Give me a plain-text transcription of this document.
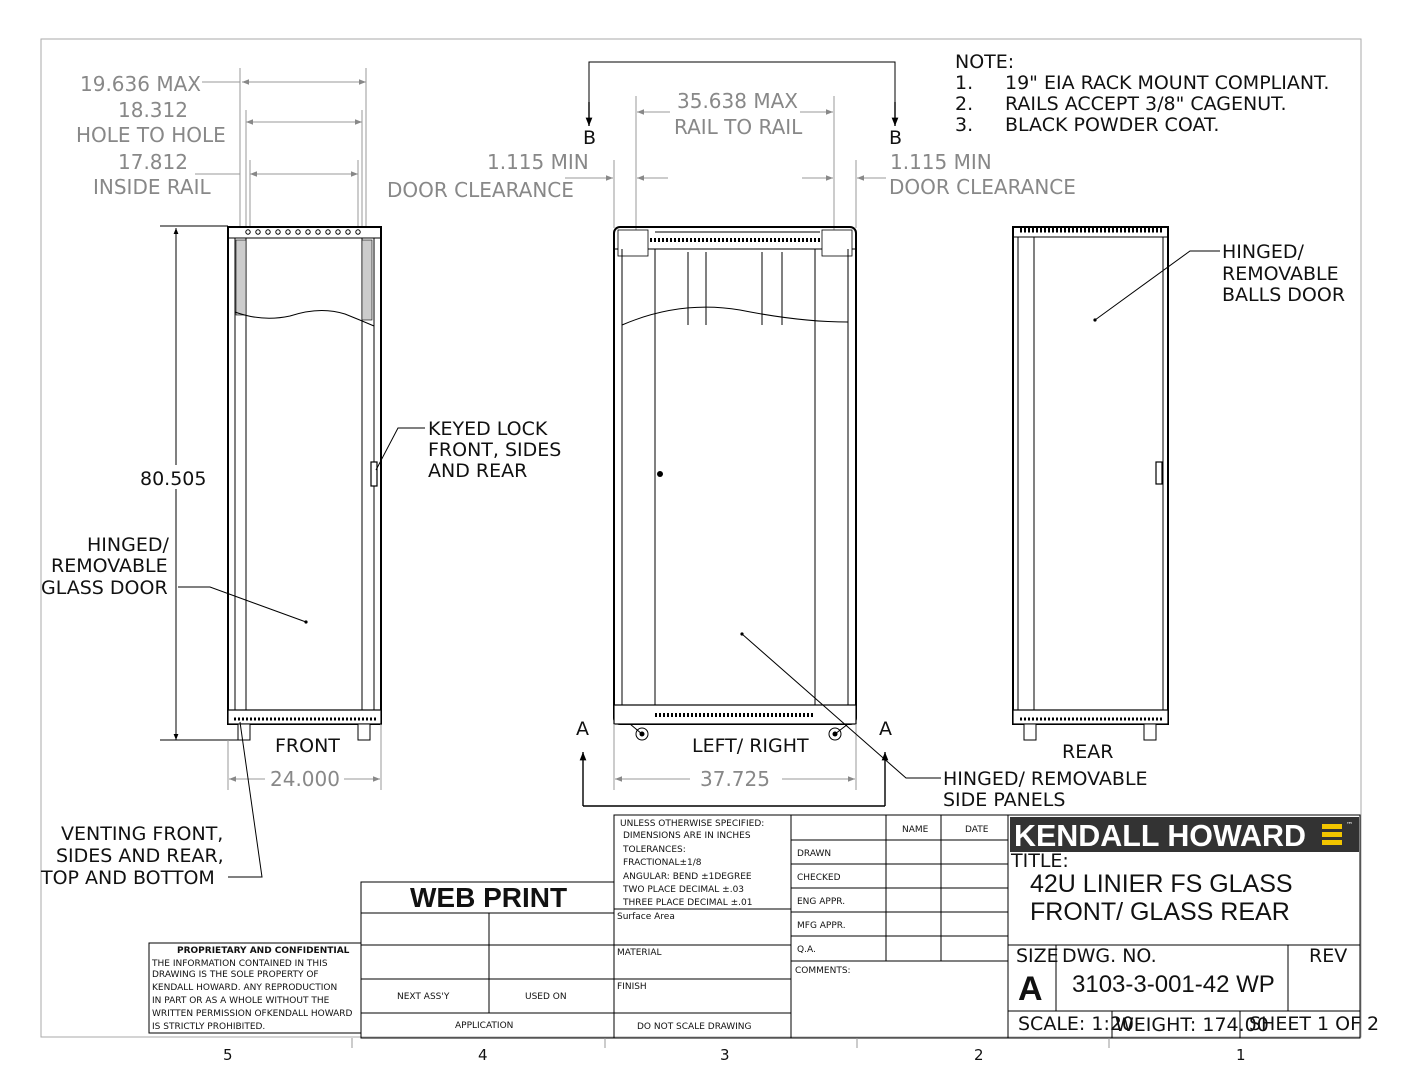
NOTE:
1. 19" EIA RACK MOUNT COMPLIANT.
2. RAILS ACCEPT 3/8" CAGENUT.
3. BLACK POWDER COAT.
19.636 MAX
18.312
HOLE TO HOLE
17.812
INSIDE RAIL
80.505
24.000
FRONT
KEYED LOCK
FRONT, SIDES
AND REAR
HINGED/
REMOVABLE
GLASS DOOR
VENTING FRONT,
SIDES AND REAR,
TOP AND BOTTOM
B	B
35.638 MAX
RAIL TO RAIL
1.115 MIN
DOOR CLEARANCE
1.115 MIN
DOOR CLEARANCE
A	A
37.725
LEFT/ RIGHT
HINGED/ REMOVABLE
SIDE PANELS
REAR
HINGED/
REMOVABLE
BALLS DOOR
WEB PRINT
NEXT ASS'Y	USED ON
APPLICATION
PROPRIETARY AND CONFIDENTIAL
THE INFORMATION CONTAINED IN THIS
DRAWING IS THE SOLE PROPERTY OF
KENDALL HOWARD. ANY REPRODUCTION
IN PART OR AS A WHOLE WITHOUT THE
WRITTEN PERMISSION OFKENDALL HOWARD
IS STRICTLY PROHIBITED.
UNLESS OTHERWISE SPECIFIED:
DIMENSIONS ARE IN INCHES
TOLERANCES:
FRACTIONAL±1/8
ANGULAR: BEND ±1DEGREE
TWO PLACE DECIMAL ±.03
THREE PLACE DECIMAL ±.01
Surface Area
MATERIAL
FINISH
DO NOT SCALE DRAWING
NAME	DATE
DRAWN
CHECKED
ENG APPR.
MFG APPR.
Q.A.
COMMENTS:
KENDALL HOWARD	™
TITLE:
42U LINIER FS GLASS
FRONT/ GLASS REAR
SIZE
A
DWG. NO.
3103-3-001-42 WP
REV
SCALE: 1:20
WEIGHT: 174.00
SHEET 1 OF 2
5	4	3	2	1
